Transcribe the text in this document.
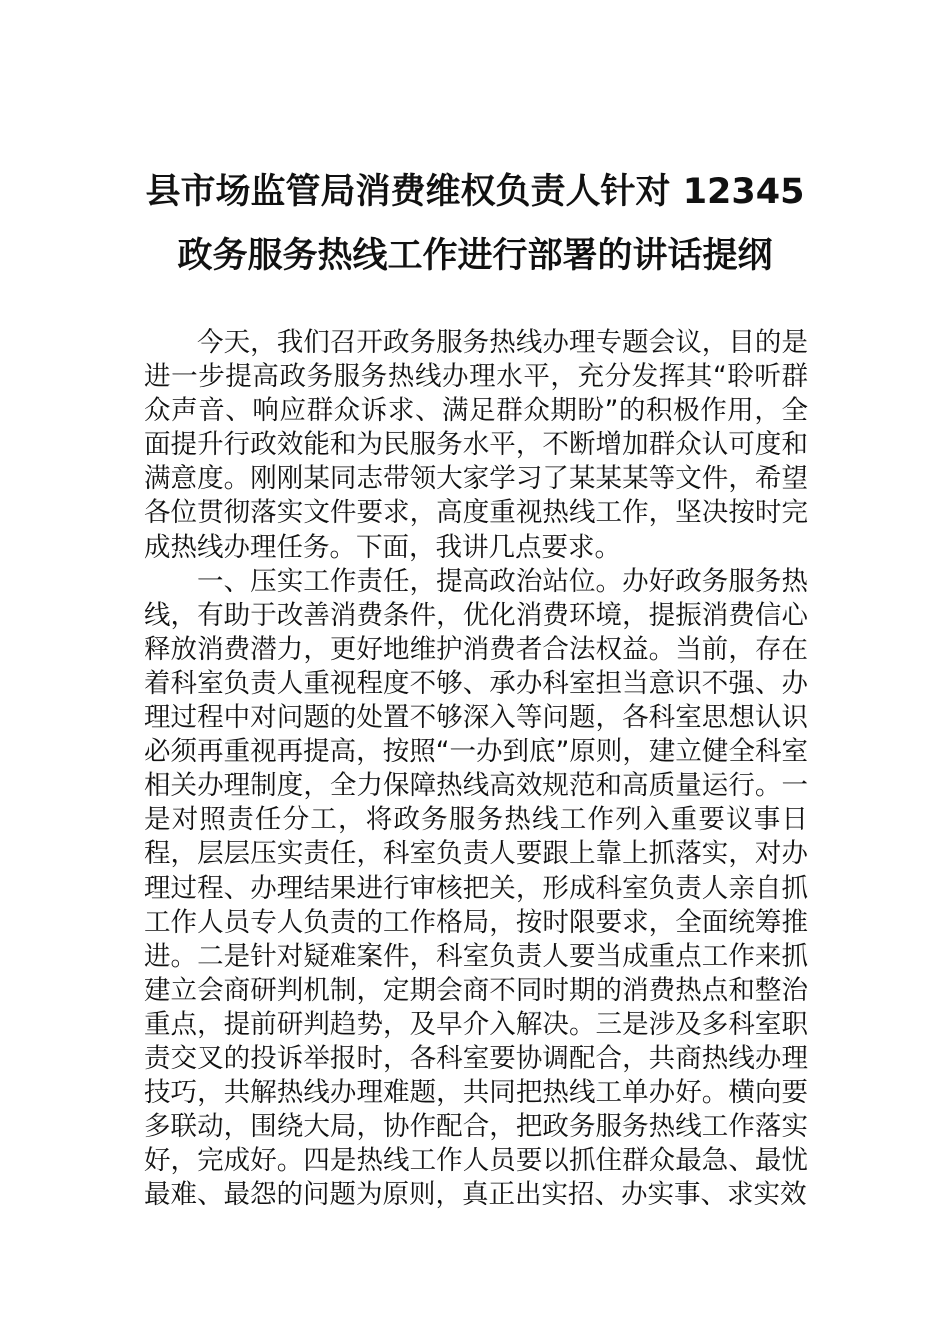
县市场监管局消费维权负责人针对 12345
政务服务热线工作进行部署的讲话提纲

今天，我们召开政务服务热线办理专题会议，目的是进一步提高政务服务热线办理水平，充分发挥其“聆听群众声音、响应群众诉求、满足群众期盼”的积极作用，全面提升行政效能和为民服务水平，不断增加群众认可度和满意度。刚刚某同志带领大家学习了某某某等文件，希望各位贯彻落实文件要求，高度重视热线工作，坚决按时完成热线办理任务。下面，我讲几点要求。

一、压实工作责任，提高政治站位。办好政务服务热线，有助于改善消费条件，优化消费环境，提振消费信心释放消费潜力，更好地维护消费者合法权益。当前，存在着科室负责人重视程度不够、承办科室担当意识不强、办理过程中对问题的处置不够深入等问题，各科室思想认识必须再重视再提高，按照“一办到底”原则，建立健全科室相关办理制度，全力保障热线高效规范和高质量运行。一是对照责任分工，将政务服务热线工作列入重要议事日程，层层压实责任，科室负责人要跟上靠上抓落实，对办理过程、办理结果进行审核把关，形成科室负责人亲自抓工作人员专人负责的工作格局，按时限要求，全面统筹推进。二是针对疑难案件，科室负责人要当成重点工作来抓建立会商研判机制，定期会商不同时期的消费热点和整治重点，提前研判趋势，及早介入解决。三是涉及多科室职责交叉的投诉举报时，各科室要协调配合，共商热线办理技巧，共解热线办理难题，共同把热线工单办好。横向要多联动，围绕大局，协作配合，把政务服务热线工作落实好，完成好。四是热线工作人员要以抓住群众最急、最忧最难、最怨的问题为原则，真正出实招、办实事、求实效
